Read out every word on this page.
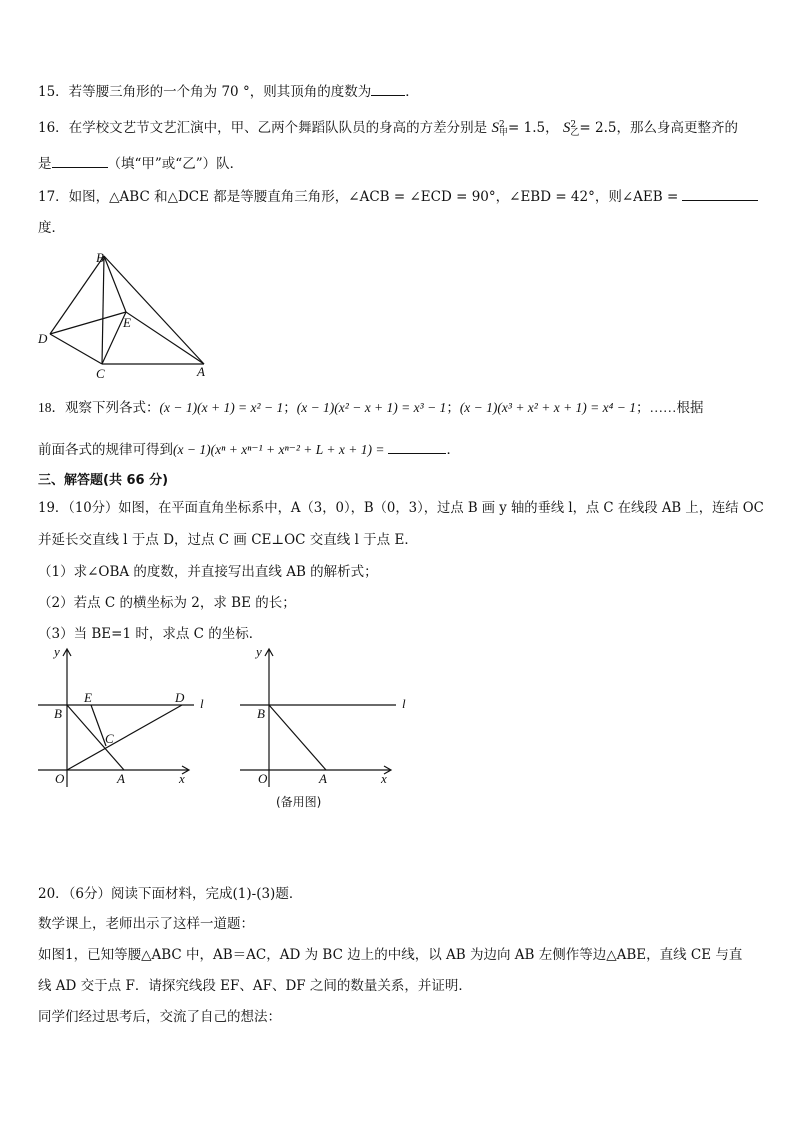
15．若等腰三角形的一个角为 70 °，则其顶角的度数为	．
16．在学校文艺节文艺汇演中，甲、乙两个舞蹈队队员的身高的方差分别是 S 2
甲 = 1.5， S 2
乙 = 2.5，那么身高更整齐的
是	（填“甲”或“乙”）队．
17．如图，△ABC 和△DCE 都是等腰直角三角形，∠ACB = ∠ECD = 90°，∠EBD = 42°，则∠AEB =
度．
B
E
D
C	A
18．观察下列各式：(x − 1)(x + 1) = x² − 1；(x − 1)(x² − x + 1) = x³ − 1；(x − 1)(x³ + x² + x + 1) = x⁴ − 1；……根据
前面各式的规律可得到(x − 1)(xⁿ + xⁿ⁻¹ + xⁿ⁻² + L + x + 1) =	．
三、解答题(共 66 分)
19．（10分）如图，在平面直角坐标系中，A（3，0），B（0，3），过点 B 画 y 轴的垂线 l，点 C 在线段 AB 上，连结 OC
并延长交直线 l 于点 D，过点 C 画 CE⊥OC 交直线 l 于点 E．
（1）求∠OBA 的度数，并直接写出直线 AB 的解析式；
（2）若点 C 的横坐标为 2，求 BE 的长；
（3）当 BE=1 时，求点 C 的坐标．
y
E	D l
B
C
O	A	x
y
l
B
O	A	x
(备用图)
20．（6分）阅读下面材料，完成(1)-(3)题．
数学课上，老师出示了这样一道题：
如图1，已知等腰△ABC 中，AB＝AC，AD 为 BC 边上的中线，以 AB 为边向 AB 左侧作等边△ABE，直线 CE 与直
线 AD 交于点 F．请探究线段 EF、AF、DF 之间的数量关系，并证明．
同学们经过思考后，交流了自己的想法：
